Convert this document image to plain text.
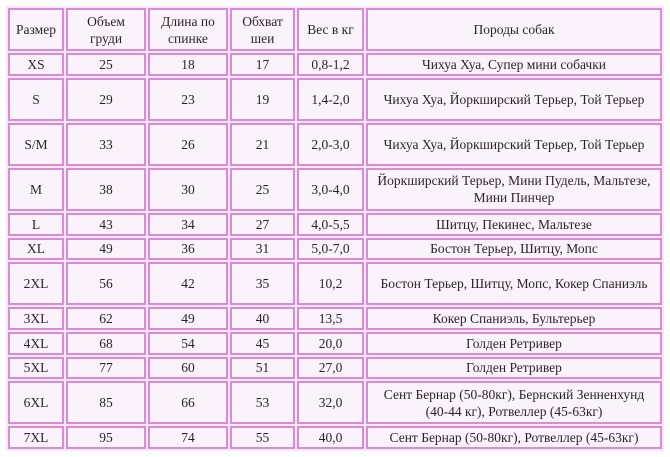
Размер	Объем груди	Длина по спинке	Обхват шеи	Вес в кг	Породы собак
XS	25	18	17	0,8-1,2	Чихуа Хуа, Супер мини собачки
S	29	23	19	1,4-2,0	Чихуа Хуа, Йоркширский Терьер, Той Терьер
S/M	33	26	21	2,0-3,0	Чихуа Хуа, Йоркширский Терьер, Той Терьер
M	38	30	25	3,0-4,0	Йоркширский Терьер, Мини Пудель, Мальтезе, Мини Пинчер
L	43	34	27	4,0-5,5	Шитцу, Пекинес, Мальтезе
XL	49	36	31	5,0-7,0	Бостон Терьер, Шитцу, Мопс
2XL	56	42	35	10,2	Бостон Терьер, Шитцу, Мопс, Кокер Спаниэль
3XL	62	49	40	13,5	Кокер Спаниэль, Бультерьер
4XL	68	54	45	20,0	Голден Ретривер
5XL	77	60	51	27,0	Голден Ретривер
6XL	85	66	53	32,0	Сент Бернар (50-80кг), Бернский Зенненхунд (40-44 кг), Ротвеллер (45-63кг)
7XL	95	74	55	40,0	Сент Бернар (50-80кг), Ротвеллер (45-63кг)
